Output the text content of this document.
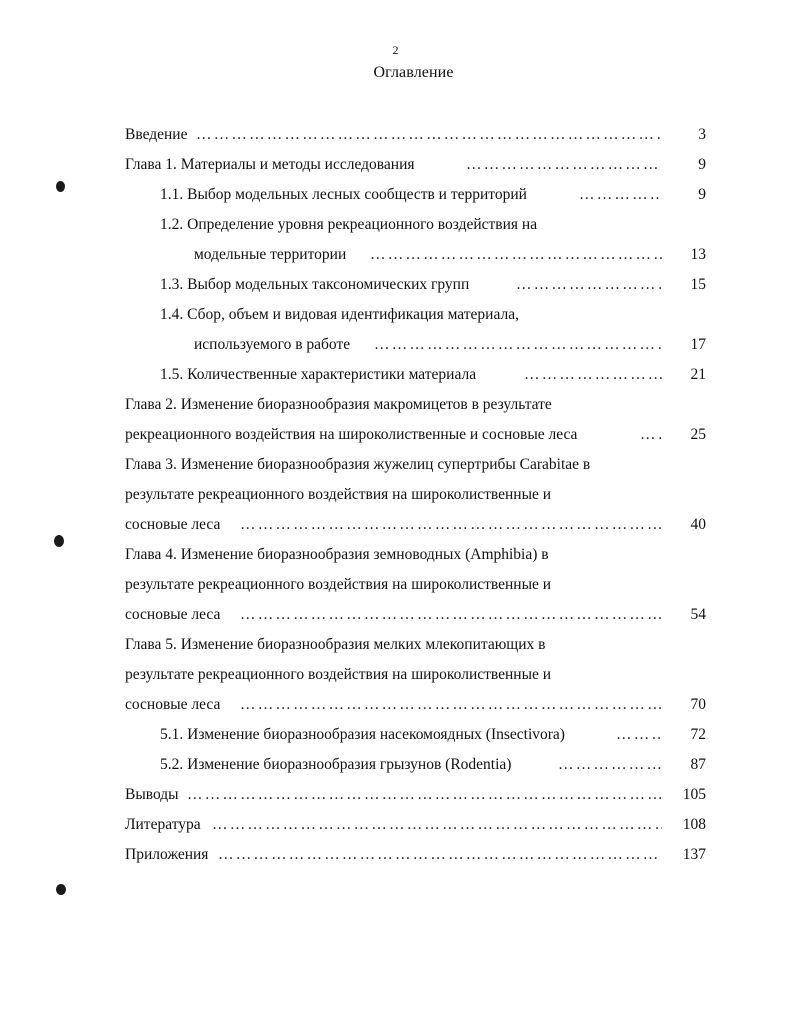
2
Оглавление
Введение …………………………………………………………………………………………………………………………………………………………………………………………	3
Глава 1. Материалы и методы исследования …………………………………………………………………………………………………………………………………………………………………………………………	9
1.1. Выбор модельных лесных сообществ и территорий …………………………………………………………………………………………………………………………………………………………………………………………	9
1.2. Определение уровня рекреационного воздействия на
модельные территории …………………………………………………………………………………………………………………………………………………………………………………………	13
1.3. Выбор модельных таксономических групп …………………………………………………………………………………………………………………………………………………………………………………………	15
1.4. Сбор, объем и видовая идентификация материала,
используемого в работе …………………………………………………………………………………………………………………………………………………………………………………………	17
1.5. Количественные характеристики материала …………………………………………………………………………………………………………………………………………………………………………………………	21
Глава 2. Изменение биоразнообразия макромицетов в результате
рекреационного воздействия на широколиственные и сосновые леса …………………………………………………………………………………………………………………………………………………………………………………………	25
Глава 3. Изменение биоразнообразия жужелиц супертрибы Carabitae в
результате рекреационного воздействия на широколиственные и
сосновые леса …………………………………………………………………………………………………………………………………………………………………………………………	40
Глава 4. Изменение биоразнообразия земноводных (Amphibia) в
результате рекреационного воздействия на широколиственные и
сосновые леса …………………………………………………………………………………………………………………………………………………………………………………………	54
Глава 5. Изменение биоразнообразия мелких млекопитающих в
результате рекреационного воздействия на широколиственные и
сосновые леса …………………………………………………………………………………………………………………………………………………………………………………………	70
5.1. Изменение биоразнообразия насекомоядных (Insectivora) …………………………………………………………………………………………………………………………………………………………………………………………	72
5.2. Изменение биоразнообразия грызунов (Rodentia) …………………………………………………………………………………………………………………………………………………………………………………………	87
Выводы …………………………………………………………………………………………………………………………………………………………………………………………	105
Литература …………………………………………………………………………………………………………………………………………………………………………………………	108
Приложения …………………………………………………………………………………………………………………………………………………………………………………………	137
